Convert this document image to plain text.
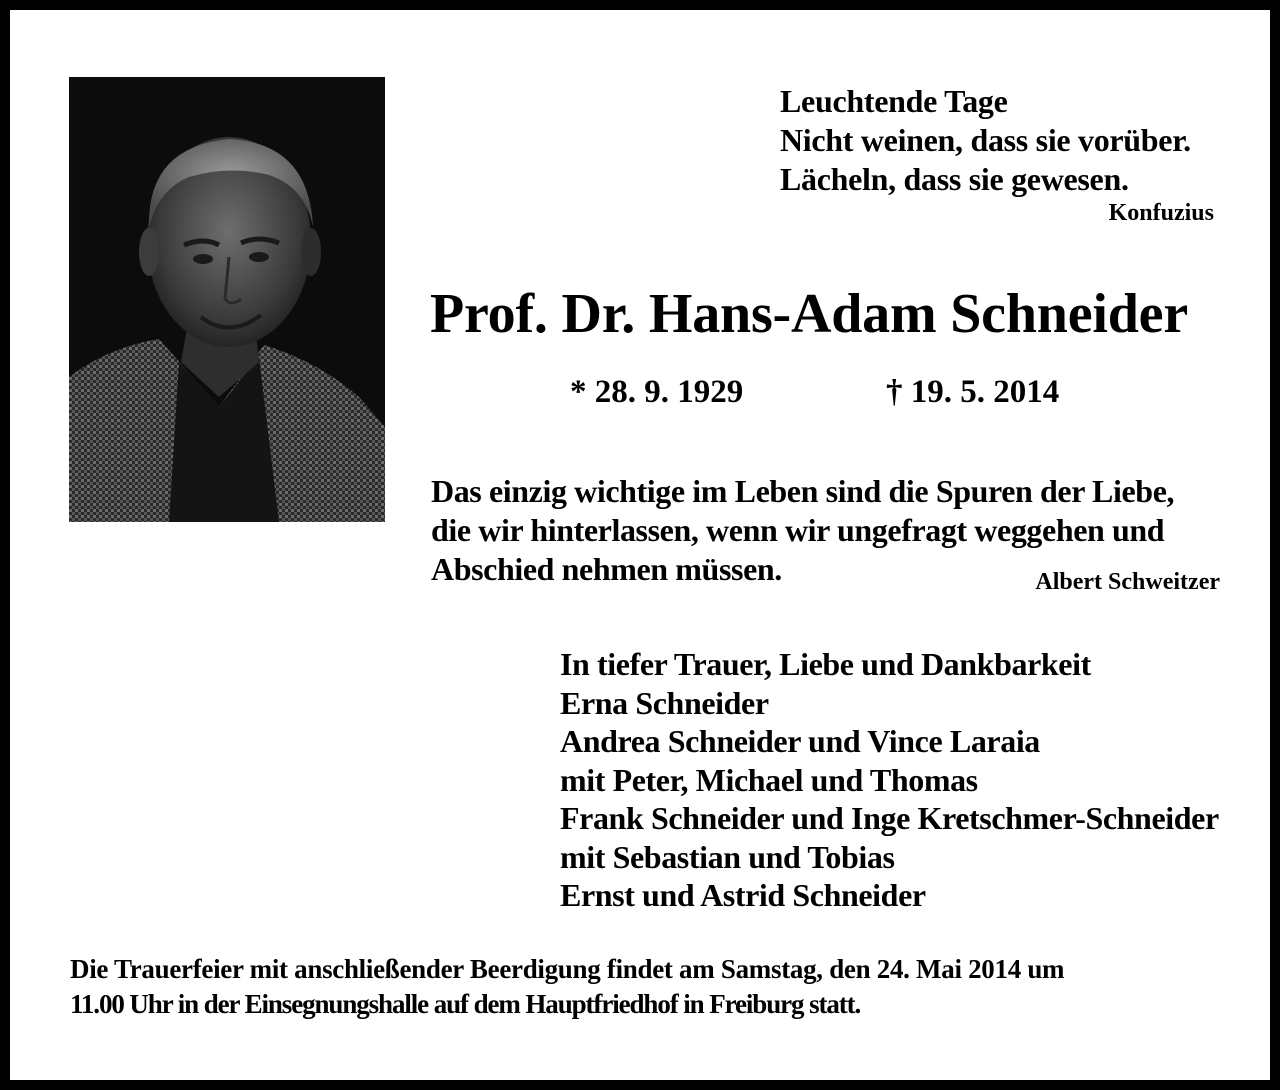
Leuchtende Tage
Nicht weinen, dass sie vorüber.
Lächeln, dass sie gewesen.
Konfuzius
Prof. Dr. Hans-Adam Schneider
* 28. 9. 1929	† 19. 5. 2014
Das einzig wichtige im Leben sind die Spuren der Liebe,
die wir hinterlassen, wenn wir ungefragt weggehen und
Abschied nehmen müssen.	Albert Schweitzer
In tiefer Trauer, Liebe und Dankbarkeit
Erna Schneider
Andrea Schneider und Vince Laraia
mit Peter, Michael und Thomas
Frank Schneider und Inge Kretschmer-Schneider
mit Sebastian und Tobias
Ernst und Astrid Schneider
Die Trauerfeier mit anschließender Beerdigung findet am Samstag, den 24. Mai 2014 um
11.00 Uhr in der Einsegnungshalle auf dem Hauptfriedhof in Freiburg statt.
